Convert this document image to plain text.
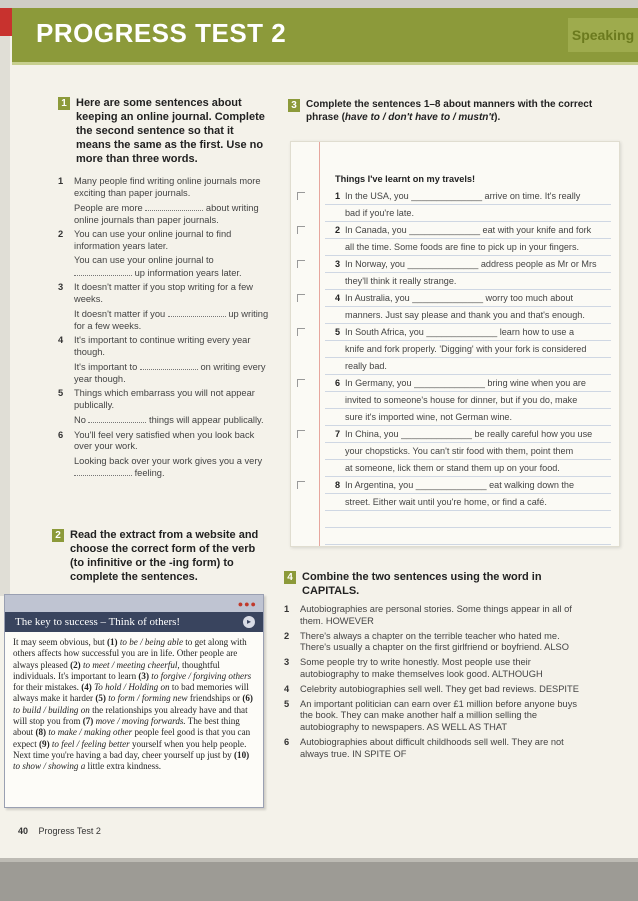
PROGRESS TEST 2	Speaking
1 Here are some sentences about keeping an online journal. Complete the second sentence so that it means the same as the first. Use no more than three words.
1 Many people find writing online journals more exciting than paper journals.

People are more	about writing online journals than paper journals.

2 You can use your online journal to find information years later.

You can use your online journal to  up information years later.

3 It doesn't matter if you stop writing for a few weeks.

It doesn't matter if you	up writing for a few weeks.

4 It's important to continue writing every year though.

It's important to	on writing every year though.

5 Things which embarrass you will not appear publically.

No	things will appear publically.

6 You'll feel very satisfied when you look back over your work.

Looking back over your work gives you a very  feeling.

2 Read the extract from a website and choose the correct form of the verb (to infinitive or the -ing form) to complete the sentences.
●●●
The key to success – Think of others!	▸
It may seem obvious, but (1) to be / being able to get along with others affects how successful you are in life. Other people are always pleased (2) to meet / meeting cheerful, thoughtful individuals. It's important to learn (3) to forgive / forgiving others for their mistakes. (4) To hold / Holding on to bad memories will always make it harder (5) to form / forming new friendships or (6) to build / building on the relationships you already have and that will stop you from (7) move / moving forwards. The best thing about (8) to make / making other people feel good is that you can expect (9) to feel / feeling better yourself when you help people. Next time you're having a bad day, cheer yourself up just by (10) to show / showing a little extra kindness.
3 Complete the sentences 1–8 about manners with the correct phrase (have to / don't have to / mustn't).
Things I've learnt on my travels!
1 In the USA, you ______________ arrive on time. It's really
bad if you're late.
2 In Canada, you ______________ eat with your knife and fork
all the time. Some foods are fine to pick up in your fingers.
3 In Norway, you ______________ address people as Mr or Mrs
they'll think it really strange.
4 In Australia, you ______________ worry too much about
manners. Just say please and thank you and that's enough.
5 In South Africa, you ______________ learn how to use a
knife and fork properly. 'Digging' with your fork is considered
really bad.
6 In Germany, you ______________ bring wine when you are
invited to someone's house for dinner, but if you do, make
sure it's imported wine, not German wine.
7 In China, you ______________ be really careful how you use
your chopsticks. You can't stir food with them, point them
at someone, lick them or stand them up on your food.
8 In Argentina, you ______________ eat walking down the
street. Either wait until you're home, or find a café.
4 Combine the two sentences using the word in CAPITALS.
1 Autobiographies are personal stories. Some things appear in all of them. HOWEVER
2 There's always a chapter on the terrible teacher who hated me. There's usually a chapter on the first girlfriend or boyfriend. ALSO
3 Some people try to write honestly. Most people use their autobiography to make themselves look good. ALTHOUGH
4 Celebrity autobiographies sell well. They get bad reviews. DESPITE
5 An important politician can earn over £1 million before anyone buys the book. They can make another half a million selling the autobiography to newspapers. AS WELL AS THAT
6 Autobiographies about difficult childhoods sell well. They are not always true. IN SPITE OF
40 Progress Test 2
